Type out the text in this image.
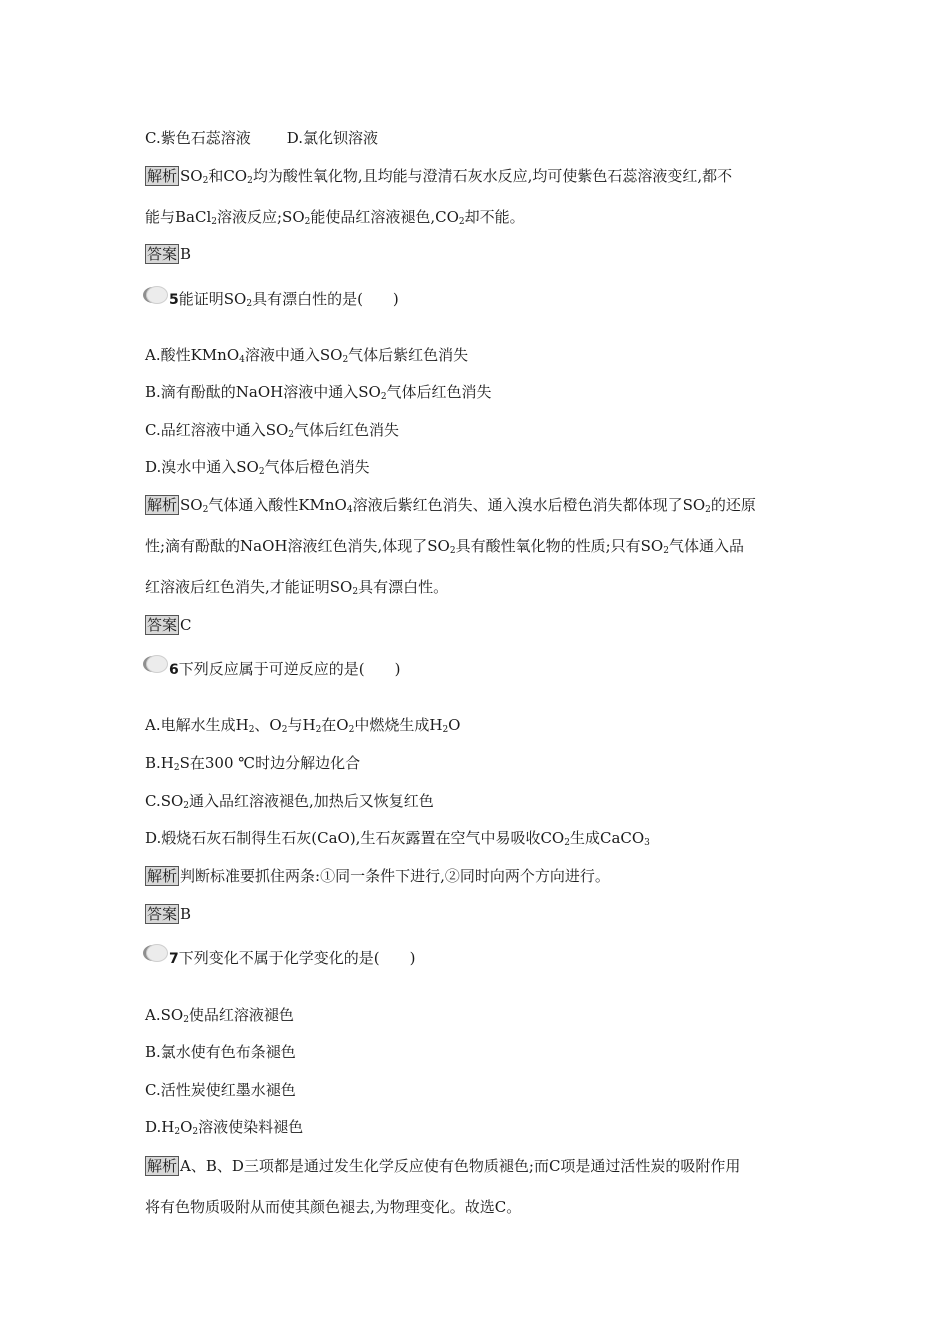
C.紫色石蕊溶液 D.氯化钡溶液
解析 $SO_2$和$CO_2$均为酸性氧化物,且均能与澄清石灰水反应,均可使紫色石蕊溶液变红,都不
能与BaCl$_2$溶液反应$;SO_2$能使品红溶液褪色$,CO_2$却不能。
答案 B
5能证明$SO_2$具有漂白性的是(　　)
A.酸性KMnO$_4$溶液中通入$SO_2$气体后紫红色消失
B.滴有酚酞的NaOH溶液中通入$SO_2$气体后红色消失
C.品红溶液中通入$SO_2$气体后红色消失
D.溴水中通入$SO_2$气体后橙色消失
解析 $SO_2$气体通入酸性KMnO$_4$溶液后紫红色消失、通入溴水后橙色消失都体现了$SO_2$的还原
性;滴有酚酞的NaOH溶液红色消失,体现了$SO_2$具有酸性氧化物的性质;只有$SO_2$气体通入品
红溶液后红色消失,才能证明$SO_2$具有漂白性。
答案 C
6下列反应属于可逆反应的是(　　)
A.电解水生成$H_2$、$O_2$与$H_2$在$O_2$中燃烧生成$H_2O$
$B.H_2S$在300 ℃时边分解边化合
$C.SO_2$通入品红溶液褪色,加热后又恢复红色
D.煅烧石灰石制得生石灰(CaO),生石灰露置在空气中易吸收$CO_2$生成CaCO$_3$
解析 判断标准要抓住两条:①同一条件下进行,②同时向两个方向进行。
答案 B
7下列变化不属于化学变化的是(　　)
$A.SO_2$使品红溶液褪色
B.氯水使有色布条褪色
C.活性炭使红墨水褪色
$D.H_2O_2$溶液使染料褪色
解析 A、B、D三项都是通过发生化学反应使有色物质褪色;而C项是通过活性炭的吸附作用
将有色物质吸附从而使其颜色褪去,为物理变化。故选C。
